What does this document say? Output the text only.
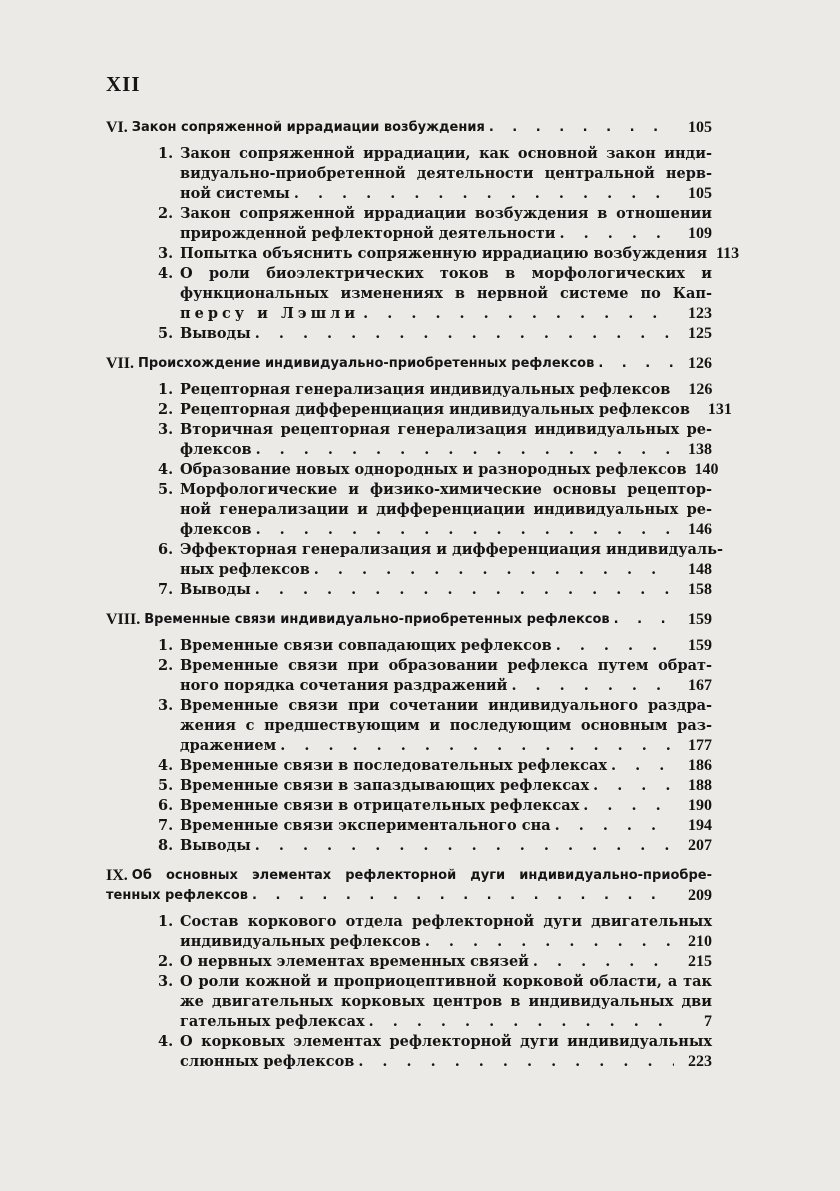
XII
VI. Закон сопряженной иррадиации возбуждения . . .	105
1. Закон сопряженной иррадиации, как основной закон инди-
видуально-приобретенной деятельности центральной нерв-
ной системы . . .	105
2. Закон сопряженной иррадиации возбуждения в отношении
прирожденной рефлекторной деятельности . . .	109
3. Попытка объяснить сопряженную иррадиацию возбуждения 113
4. О роли биоэлектрических токов в морфологических и
функциональных изменениях в нервной системе по Кап-
персу и Лэшли . . .	123
5. Выводы . . .	125
VII. Происхождение индивидуально-приобретенных рефлексов . . .	126
1. Рецепторная генерализация индивидуальных рефлексов	126
2. Рецепторная дифференциация индивидуальных рефлексов	131
3. Вторичная рецепторная генерализация индивидуальных ре-
флексов . . .	138
4. Образование новых однородных и разнородных рефлексов 140
5. Морфологические и физико-химические основы рецептор-
ной генерализации и дифференциации индивидуальных ре-
флексов . . .	146
6. Эффекторная генерализация и дифференциация индивидуаль-
ных рефлексов . . .	148
7. Выводы . . .	158
VIII. Временные связи индивидуально-приобретенных рефлексов . . .	159
1. Временные связи совпадающих рефлексов . . .	159
2. Временные связи при образовании рефлекса путем обрат-
ного порядка сочетания раздражений . . .	167
3. Временные связи при сочетании индивидуального раздра-
жения с предшествующим и последующим основным раз-
дражением . . .	177
4. Временные связи в последовательных рефлексах . . .	186
5. Временные связи в запаздывающих рефлексах . . .	188
6. Временные связи в отрицательных рефлексах . . .	190
7. Временные связи экспериментального сна . . .	194
8. Выводы . . .	207
IX. Об основных элементах рефлекторной дуги индивидуально-приобре-
тенных рефлексов . . .	209
1. Состав коркового отдела рефлекторной дуги двигательных
индивидуальных рефлексов . . .	210
2. О нервных элементах временных связей . . .	215
3. О роли кожной и проприоцептивной корковой области, а так
же двигательных корковых центров в индивидуальных дви
гательных рефлексах . . .	7
4. О корковых элементах рефлекторной дуги индивидуальных
слюнных рефлексов . . .	223
